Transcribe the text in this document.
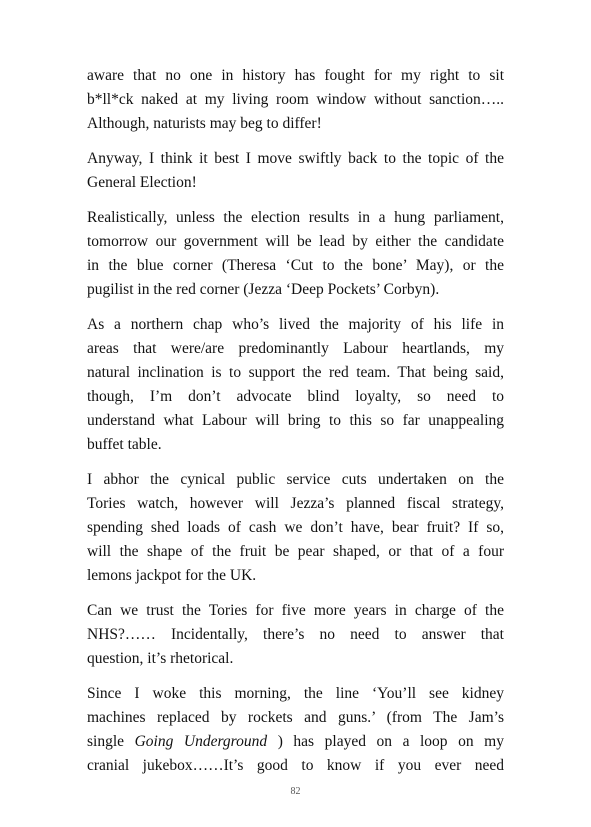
aware that no one in history has fought for my right to sit
b*ll*ck naked at my living room window without sanction…..
Although, naturists may beg to differ!

Anyway, I think it best I move swiftly back to the topic of the
General Election!

Realistically, unless the election results in a hung parliament,
tomorrow our government will be lead by either the candidate
in the blue corner (Theresa ‘Cut to the bone’ May), or the
pugilist in the red corner (Jezza ‘Deep Pockets’ Corbyn).

As a northern chap who’s lived the majority of his life in
areas that were/are predominantly Labour heartlands, my
natural inclination is to support the red team. That being said,
though, I’m don’t advocate blind loyalty, so need to
understand what Labour will bring to this so far unappealing
buffet table.

I abhor the cynical public service cuts undertaken on the
Tories watch, however will Jezza’s planned fiscal strategy,
spending shed loads of cash we don’t have, bear fruit? If so,
will the shape of the fruit be pear shaped, or that of a four
lemons jackpot for the UK.

Can we trust the Tories for five more years in charge of the
NHS?…… Incidentally, there’s no need to answer that
question, it’s rhetorical.

Since I woke this morning, the line ‘You’ll see kidney
machines replaced by rockets and guns.’ (from The Jam’s
single Going Underground ) has played on a loop on my
cranial jukebox……It’s good to know if you ever need

82
